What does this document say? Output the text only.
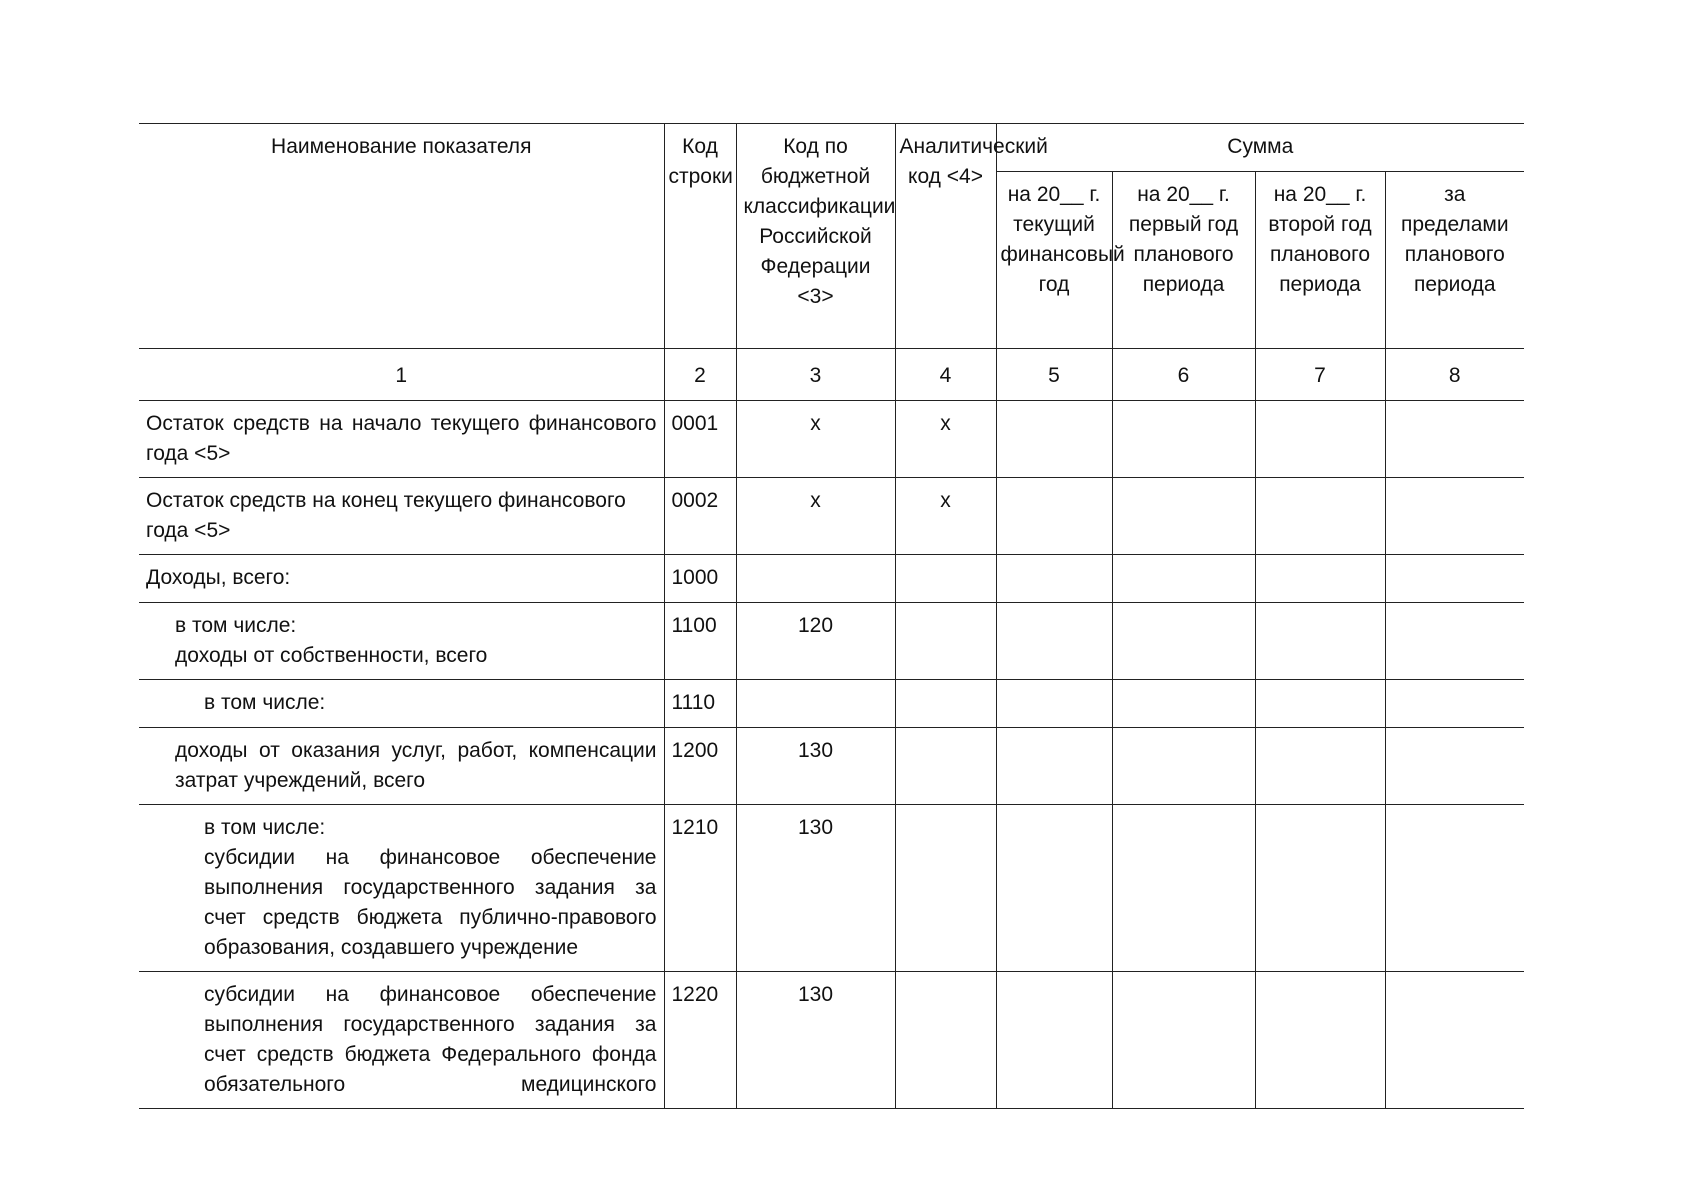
Наименование показателя	Код строки	Код по бюджетной классификации Российской Федерации <3>	Аналитический код <4>	Сумма			
				на 20__ г. текущий финансовый год	на 20__ г. первый год планового периода	на 20__ г. второй год планового периода	за пределами планового периода
1	2	3	4	5	6	7	8
Остаток средств на начало текущего финансового года <5>	0001	x	x				
Остаток средств на конец текущего финансового года <5>	0002	x	x				
Доходы, всего:	1000						

в том числе:
доходы от собственности, всего	1100	120					
в том числе:	1110						
доходы от оказания услуг, работ, компенсации затрат учреждений, всего	1200	130					

в том числе:
субсидии на финансовое обеспечение выполнения государственного задания за счет средств бюджета публично-правового образования, создавшего учреждение	1210	130					
субсидии на финансовое обеспечение выполнения государственного задания за счет средств бюджета Федерального фонда обязательного медицинского	1220	130					
